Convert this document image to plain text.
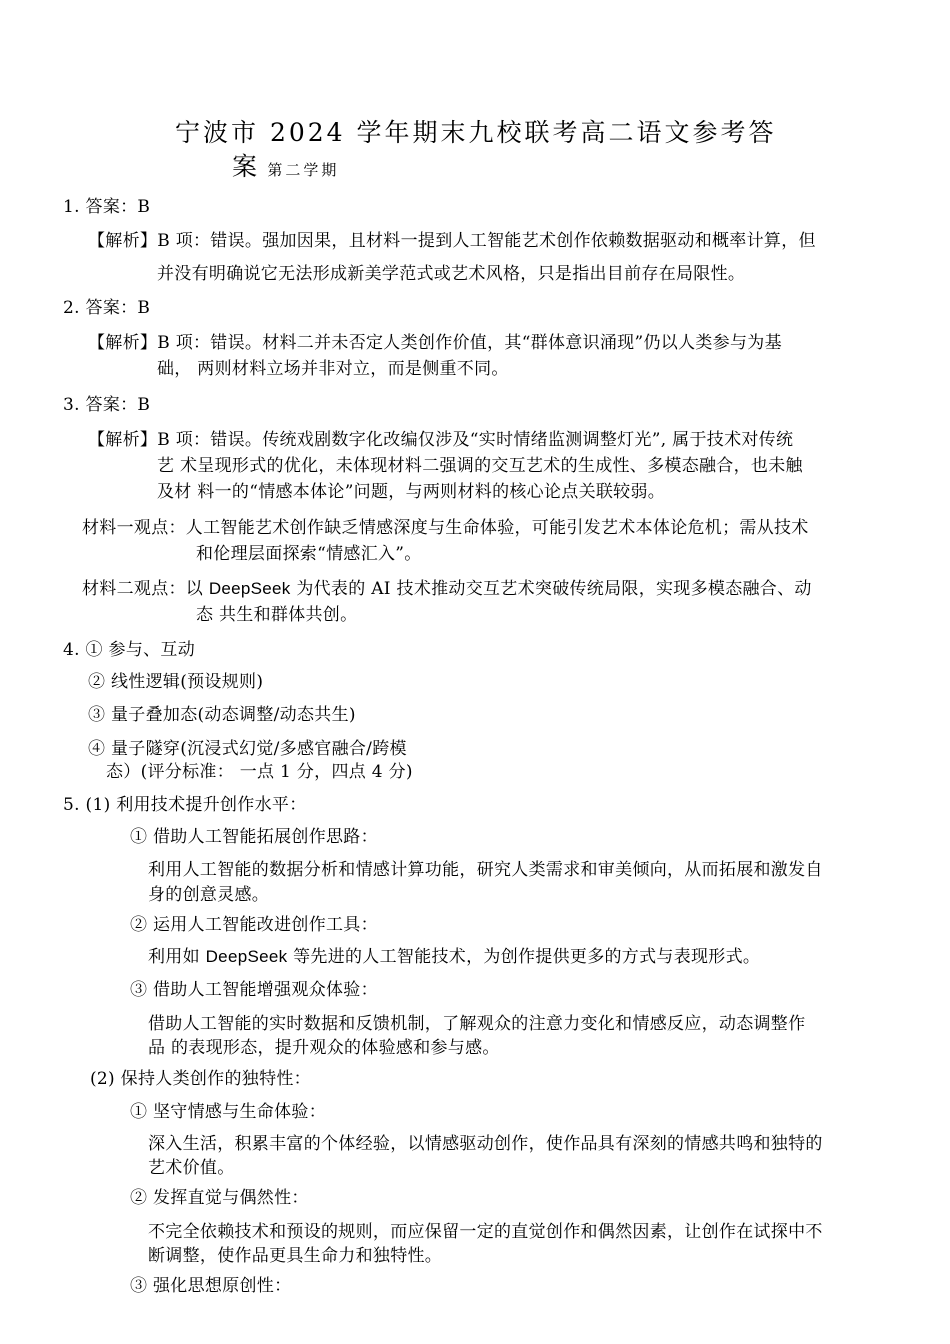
宁波市 2024 学年期末九校联考高二语文参考答
案第二学期
1. 答案：B
【解析】B 项：错误。强加因果，且材料一提到人工智能艺术创作依赖数据驱动和概率计算，但
并没有明确说它无法形成新美学范式或艺术风格，只是指出目前存在局限性。
2. 答案：B
【解析】B 项：错误。材料二并未否定人类创作价值，其“群体意识涌现”仍以人类参与为基
础， 两则材料立场并非对立，而是侧重不同。
3. 答案：B
【解析】B 项：错误。传统戏剧数字化改编仅涉及“实时情绪监测调整灯光”, 属于技术对传统
艺 术呈现形式的优化，未体现材料二强调的交互艺术的生成性、多模态融合，也未触
及材 料一的“情感本体论”问题，与两则材料的核心论点关联较弱。
材料一观点：人工智能艺术创作缺乏情感深度与生命体验，可能引发艺术本体论危机；需从技术
和伦理层面探索“情感汇入”。
材料二观点：以 DeepSeek 为代表的 AI 技术推动交互艺术突破传统局限，实现多模态融合、动
态 共生和群体共创。
4. ① 参与、互动
② 线性逻辑(预设规则)
③ 量子叠加态(动态调整/动态共生)
④ 量子隧穿(沉浸式幻觉/多感官融合/跨模
态）(评分标准： 一点 1 分，四点 4 分)
5. (1) 利用技术提升创作水平：
① 借助人工智能拓展创作思路：
利用人工智能的数据分析和情感计算功能，研究人类需求和审美倾向，从而拓展和激发自
身的创意灵感。
② 运用人工智能改进创作工具：
利用如 DeepSeek 等先进的人工智能技术，为创作提供更多的方式与表现形式。
③ 借助人工智能增强观众体验：
借助人工智能的实时数据和反馈机制，了解观众的注意力变化和情感反应，动态调整作
品 的表现形态，提升观众的体验感和参与感。
(2) 保持人类创作的独特性：
① 坚守情感与生命体验：
深入生活，积累丰富的个体经验，以情感驱动创作，使作品具有深刻的情感共鸣和独特的
艺术价值。
② 发挥直觉与偶然性：
不完全依赖技术和预设的规则，而应保留一定的直觉创作和偶然因素，让创作在试探中不
断调整，使作品更具生命力和独特性。
③ 强化思想原创性：
